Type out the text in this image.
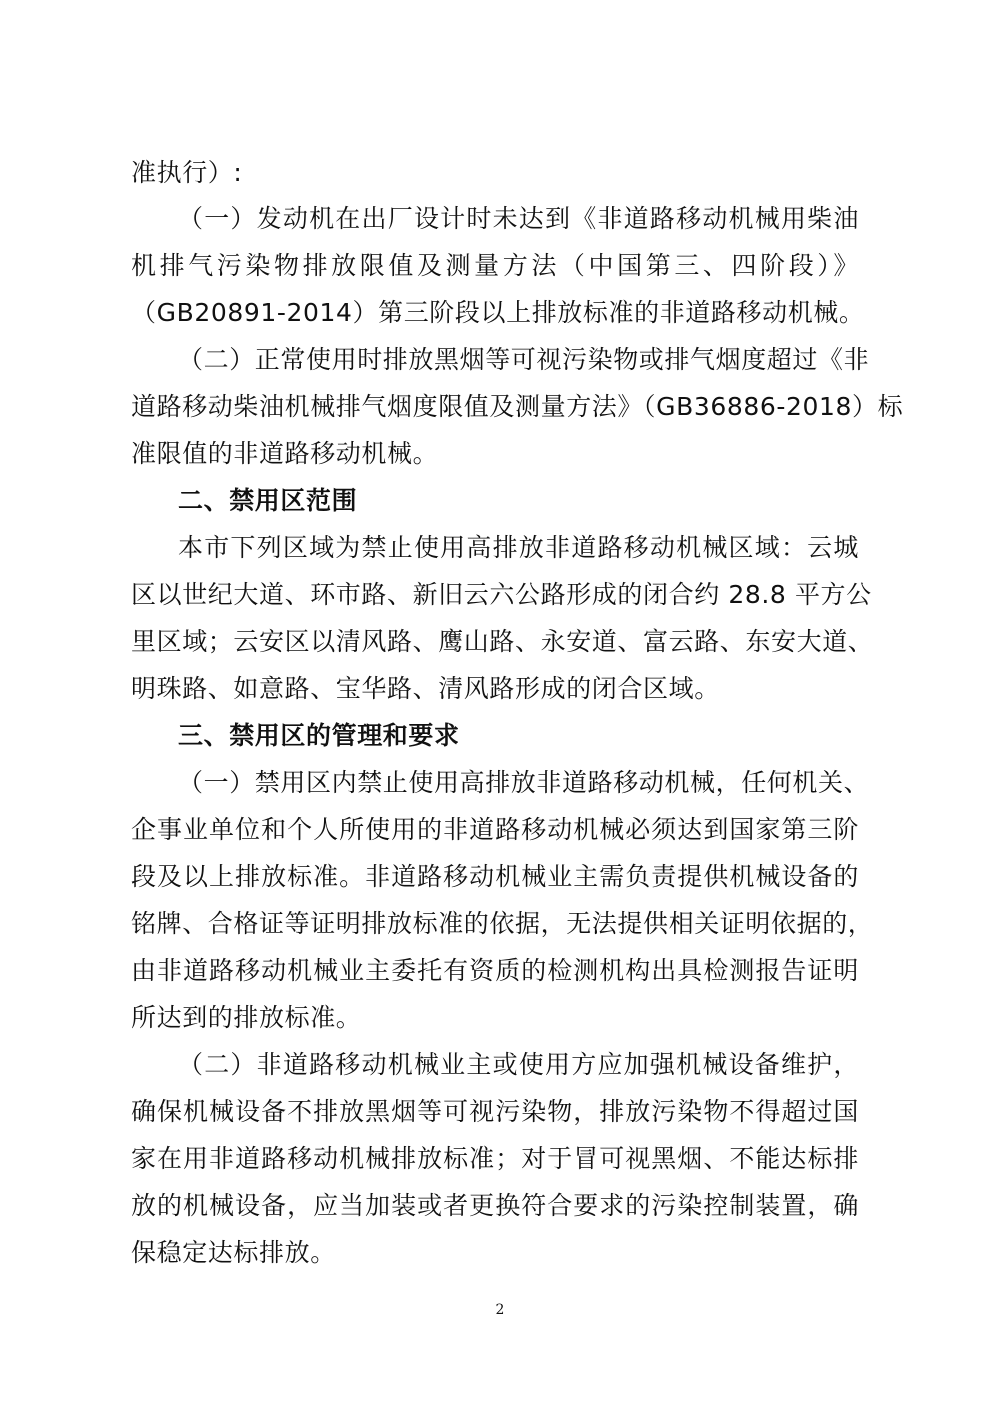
准执行）:

（一）发动机在出厂设计时未达到《非道路移动机械用柴油

机排气污染物排放限值及测量方法（中国第三、四阶段）》

（GB20891-2014）第三阶段以上排放标准的非道路移动机械。

（二）正常使用时排放黑烟等可视污染物或排气烟度超过《非

道路移动柴油机械排气烟度限值及测量方法》（GB36886-2018）标

准限值的非道路移动机械。

二、禁用区范围

本市下列区域为禁止使用高排放非道路移动机械区域：云城

区以世纪大道、环市路、新旧云六公路形成的闭合约 28.8 平方公

里区域；云安区以清风路、鹰山路、永安道、富云路、东安大道、

明珠路、如意路、宝华路、清风路形成的闭合区域。

三、禁用区的管理和要求

（一）禁用区内禁止使用高排放非道路移动机械，任何机关、

企事业单位和个人所使用的非道路移动机械必须达到国家第三阶

段及以上排放标准。非道路移动机械业主需负责提供机械设备的

铭牌、合格证等证明排放标准的依据，无法提供相关证明依据的，

由非道路移动机械业主委托有资质的检测机构出具检测报告证明

所达到的排放标准。

（二）非道路移动机械业主或使用方应加强机械设备维护，

确保机械设备不排放黑烟等可视污染物，排放污染物不得超过国

家在用非道路移动机械排放标准；对于冒可视黑烟、不能达标排

放的机械设备，应当加装或者更换符合要求的污染控制装置，确

保稳定达标排放。

2
